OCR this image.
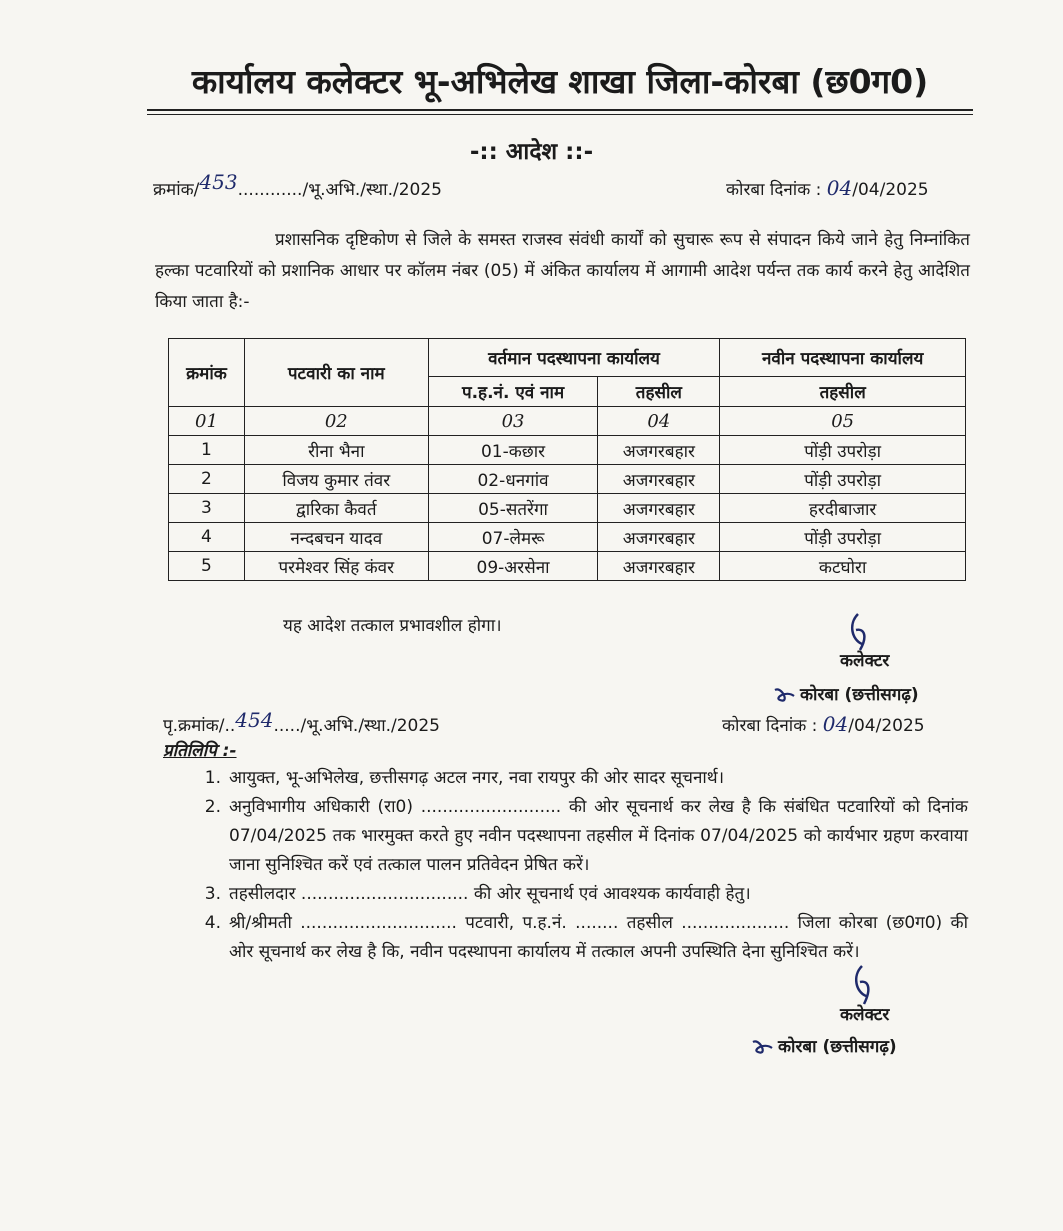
कार्यालय कलेक्टर भू-अभिलेख शाखा जिला-कोरबा (छ0ग0)
-:: आदेश ::-
क्रमांक/453............/भू.अभि./स्था./2025	कोरबा दिनांक : 04/04/2025
प्रशासनिक दृष्टिकोण से जिले के समस्त राजस्व संवंधी कार्यों को सुचारू रूप से संपादन किये जाने हेतु निम्नांकित हल्का पटवारियों को प्रशानिक आधार पर कॉलम नंबर (05) में अंकित कार्यालय में आगामी आदेश पर्यन्त तक कार्य करने हेतु आदेशित किया जाता है:-
क्रमांक	पटवारी का नाम	वर्तमान पदस्थापना कार्यालय		नवीन पदस्थापना कार्यालय
		प.ह.नं. एवं नाम	तहसील	तहसील
01	02	03	04	05
1	रीना भैना	01-कछार	अजगरबहार	पोंड़ी उपरोड़ा
2	विजय कुमार तंवर	02-धनगांव	अजगरबहार	पोंड़ी उपरोड़ा
3	द्वारिका कैवर्त	05-सतरेंगा	अजगरबहार	हरदीबाजार
4	नन्दबचन यादव	07-लेमरू	अजगरबहार	पोंड़ी उपरोड़ा
5	परमेश्वर सिंह कंवर	09-अरसेना	अजगरबहार	कटघोरा
यह आदेश तत्काल प्रभावशील होगा।
कलेक्टर
कोरबा (छत्तीसगढ़)
पृ.क्रमांक/..454...../भू.अभि./स्था./2025	कोरबा दिनांक : 04/04/2025
प्रतिलिपि :-
1. आयुक्त, भू-अभिलेख, छत्तीसगढ़ अटल नगर, नवा रायपुर की ओर सादर सूचनार्थ।
2. अनुविभागीय अधिकारी (रा0) .......................... की ओर सूचनार्थ कर लेख है कि संबंधित पटवारियों को दिनांक 07/04/2025 तक भारमुक्त करते हुए नवीन पदस्थापना तहसील में दिनांक 07/04/2025 को कार्यभार ग्रहण करवाया जाना सुनिश्चित करें एवं तत्काल पालन प्रतिवेदन प्रेषित करें।
3. तहसीलदार ............................... की ओर सूचनार्थ एवं आवश्यक कार्यवाही हेतु।
4. श्री/श्रीमती ............................. पटवारी, प.ह.नं. ........ तहसील .................... जिला कोरबा (छ0ग0) की ओर सूचनार्थ कर लेख है कि, नवीन पदस्थापना कार्यालय में तत्काल अपनी उपस्थिति देना सुनिश्चित करें।
कलेक्टर
कोरबा (छत्तीसगढ़)
